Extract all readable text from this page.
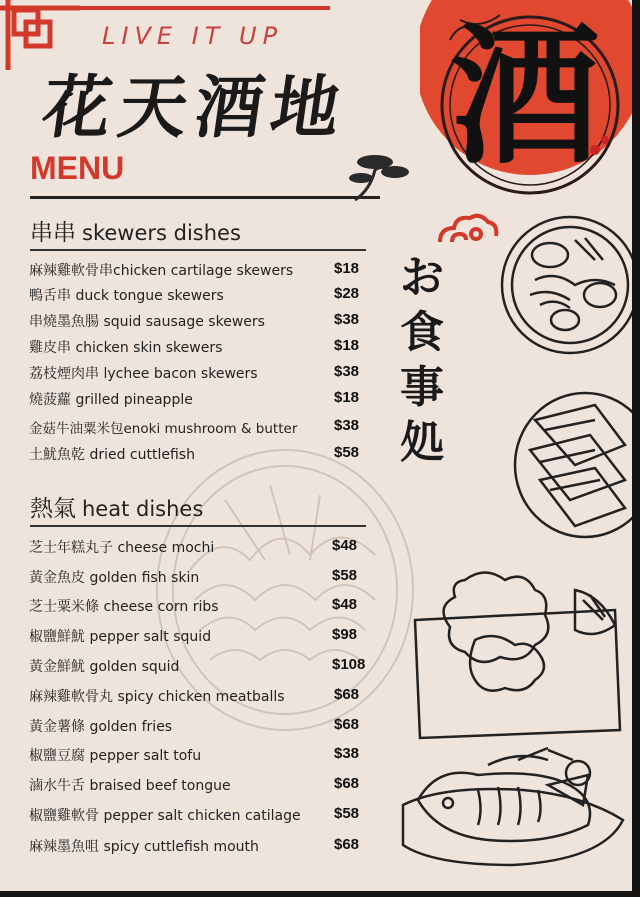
酒
LIVE IT UP
花天酒地
MENU
お
食
事
処
串串 skewers dishes
麻辣雞軟骨串chicken cartilage skewers	$18
鴨舌串 duck tongue skewers	$28
串燒墨魚腸 squid sausage skewers	$38
雞皮串 chicken skin skewers	$18
荔枝煙肉串 lychee bacon skewers	$38
燒菠蘿 grilled pineapple	$18
金菇牛油粟米包enoki mushroom & butter $38
土魷魚乾 dried cuttlefish	$58
熱氣 heat dishes
芝士年糕丸子 cheese mochi	$48
黃金魚皮 golden fish skin	$58
芝士粟米條 cheese corn ribs	$48
椒鹽鮮魷 pepper salt squid	$98
黃金鮮魷 golden squid	$108
麻辣雞軟骨丸 spicy chicken meatballs	$68
黃金薯條 golden fries	$68
椒鹽豆腐 pepper salt tofu	$38
滷水牛舌 braised beef tongue	$68
椒鹽雞軟骨 pepper salt chicken catilage $58
麻辣墨魚咀 spicy cuttlefish mouth	$68
